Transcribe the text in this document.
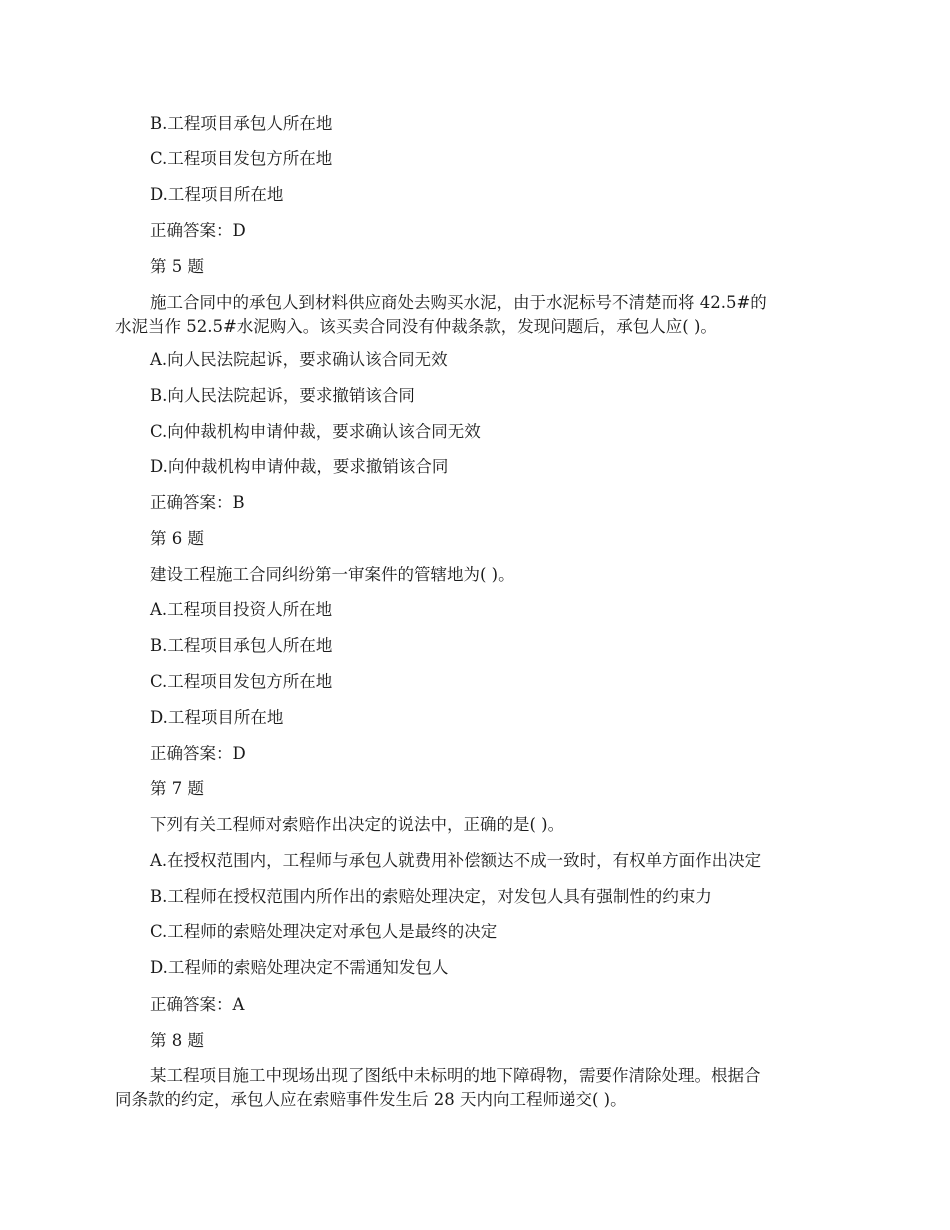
B.工程项目承包人所在地
C.工程项目发包方所在地
D.工程项目所在地
正确答案：D
第 5 题
施工合同中的承包人到材料供应商处去购买水泥，由于水泥标号不清楚而将 42.5#的
水泥当作 52.5#水泥购入。该买卖合同没有仲裁条款，发现问题后，承包人应( )。
A.向人民法院起诉，要求确认该合同无效
B.向人民法院起诉，要求撤销该合同
C.向仲裁机构申请仲裁，要求确认该合同无效
D.向仲裁机构申请仲裁，要求撤销该合同
正确答案：B
第 6 题
建设工程施工合同纠纷第一审案件的管辖地为( )。
A.工程项目投资人所在地
B.工程项目承包人所在地
C.工程项目发包方所在地
D.工程项目所在地
正确答案：D
第 7 题
下列有关工程师对索赔作出决定的说法中，正确的是( )。
A.在授权范围内，工程师与承包人就费用补偿额达不成一致时，有权单方面作出决定
B.工程师在授权范围内所作出的索赔处理决定，对发包人具有强制性的约束力
C.工程师的索赔处理决定对承包人是最终的决定
D.工程师的索赔处理决定不需通知发包人
正确答案：A
第 8 题
某工程项目施工中现场出现了图纸中未标明的地下障碍物，需要作清除处理。根据合
同条款的约定，承包人应在索赔事件发生后 28 天内向工程师递交( )。
